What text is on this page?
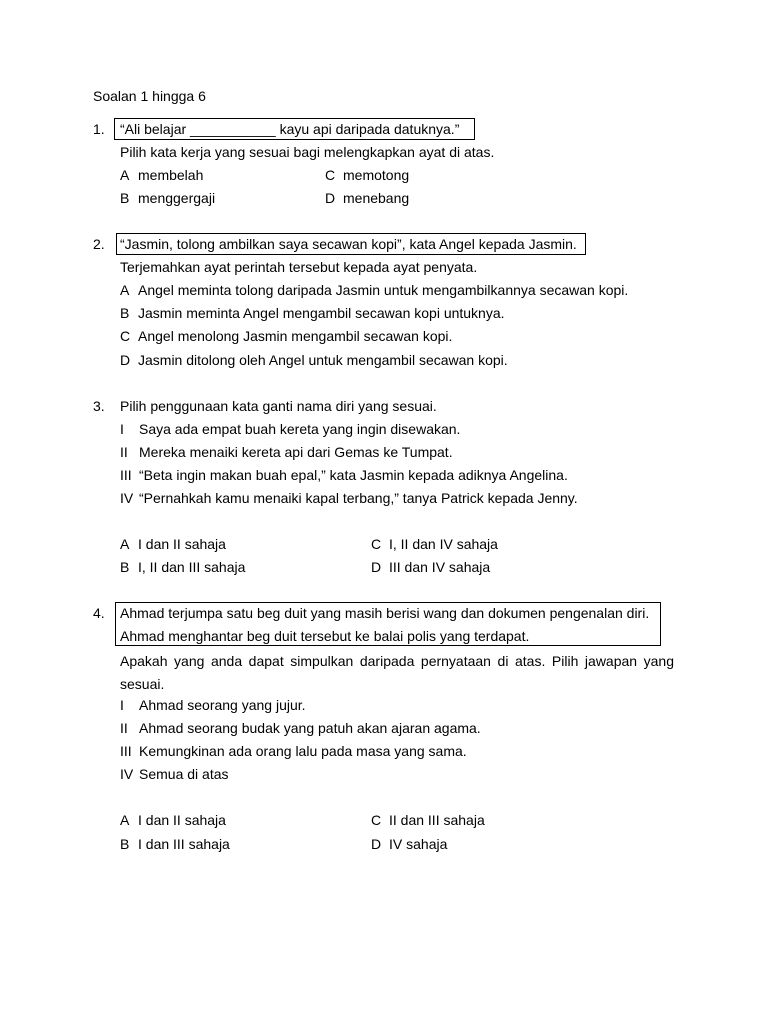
Soalan 1 hingga 6
1. “Ali belajar ___________ kayu api daripada datuknya.”
Pilih kata kerja yang sesuai bagi melengkapkan ayat di atas.
A membelah	C memotong
B menggergaji	D menebang
2. “Jasmin, tolong ambilkan saya secawan kopi”, kata Angel kepada Jasmin.
Terjemahkan ayat perintah tersebut kepada ayat penyata.
A Angel meminta tolong daripada Jasmin untuk mengambilkannya secawan kopi.
B Jasmin meminta Angel mengambil secawan kopi untuknya.
C Angel menolong Jasmin mengambil secawan kopi.
D Jasmin ditolong oleh Angel untuk mengambil secawan kopi.
3. Pilih penggunaan kata ganti nama diri yang sesuai.
I Saya ada empat buah kereta yang ingin disewakan.
II Mereka menaiki kereta api dari Gemas ke Tumpat.
III “Beta ingin makan buah epal,” kata Jasmin kepada adiknya Angelina.
IV “Pernahkah kamu menaiki kapal terbang,” tanya Patrick kepada Jenny.
A I dan II sahaja	C I, II dan IV sahaja
B I, II dan III sahaja	D III dan IV sahaja
4. Ahmad terjumpa satu beg duit yang masih berisi wang dan dokumen pengenalan diri.
Ahmad menghantar beg duit tersebut ke balai polis yang terdapat.
Apakah yang anda dapat simpulkan daripada pernyataan di atas. Pilih jawapan yang sesuai.
I Ahmad seorang yang jujur.
II Ahmad seorang budak yang patuh akan ajaran agama.
III Kemungkinan ada orang lalu pada masa yang sama.
IV Semua di atas
A I dan II sahaja	C II dan III sahaja
B I dan III sahaja	D IV sahaja
